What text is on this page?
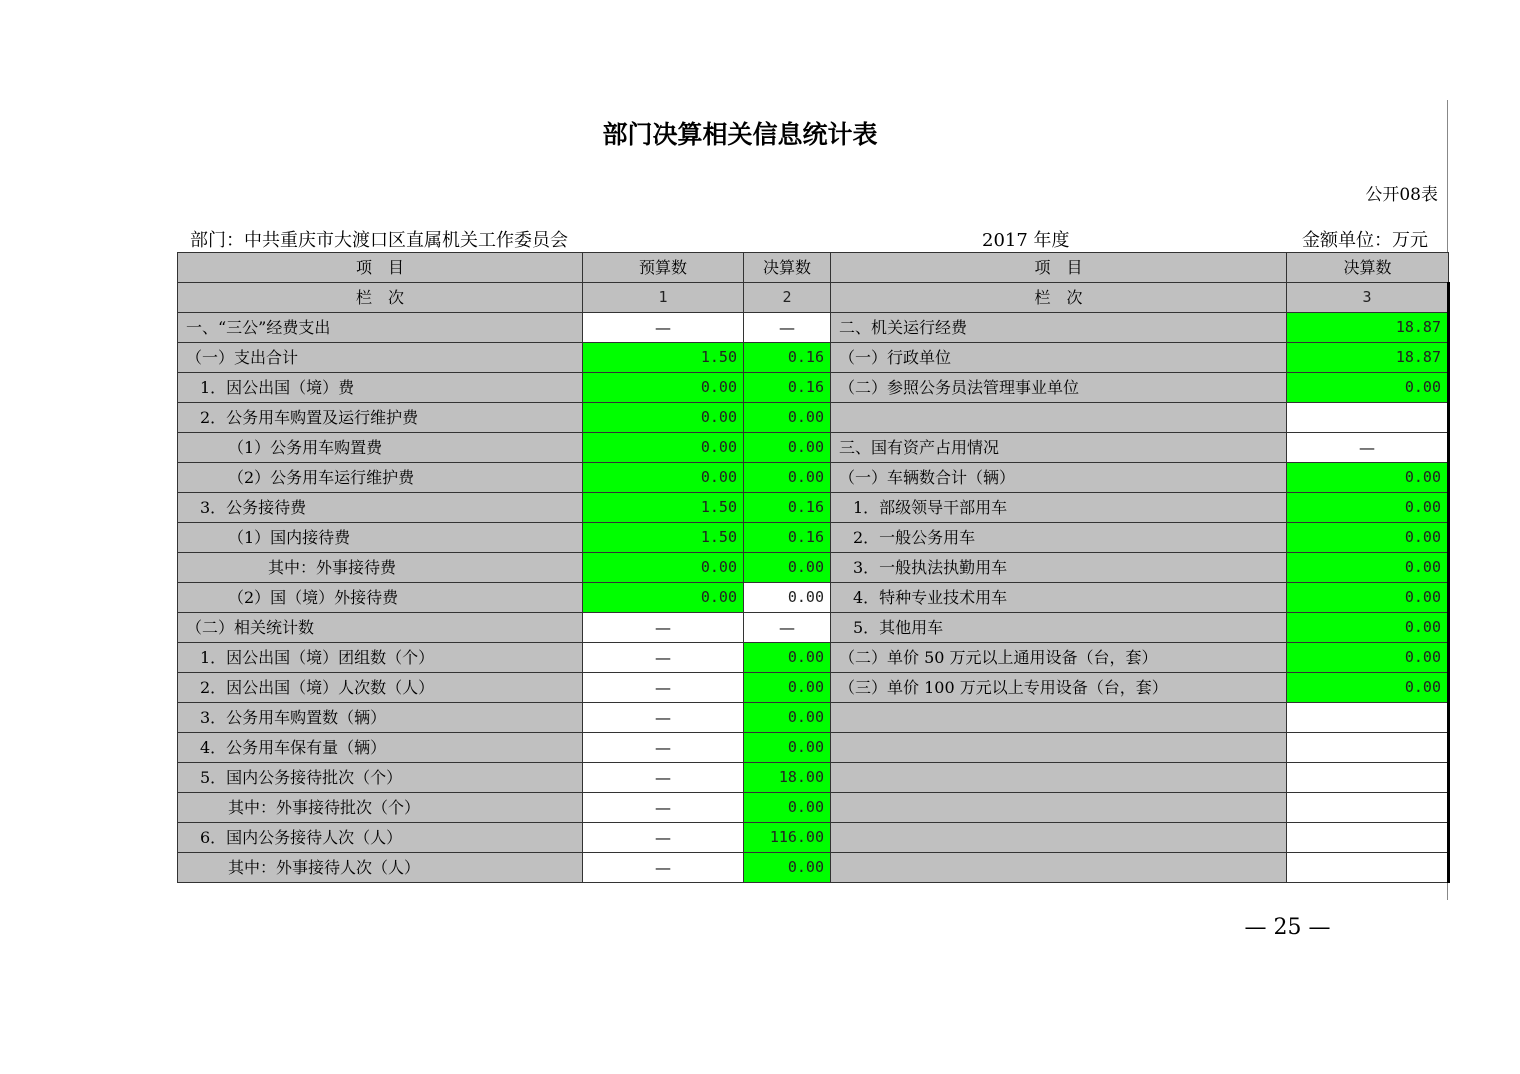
部门决算相关信息统计表
公开08表
部门：中共重庆市大渡口区直属机关工作委员会	2017 年度	金额单位：万元
项　目	预算数	决算数	项　目	决算数
栏　次	1	2	栏　次	3
一、“三公”经费支出	—	—	二、机关运行经费	18.87
（一）支出合计	1.50	0.16	（一）行政单位	18.87
1．因公出国（境）费	0.00	0.16	（二）参照公务员法管理事业单位	0.00
2．公务用车购置及运行维护费	0.00	0.00		
（1）公务用车购置费	0.00	0.00	三、国有资产占用情况	—
（2）公务用车运行维护费	0.00	0.00	（一）车辆数合计（辆）	0.00
3．公务接待费	1.50	0.16	1．部级领导干部用车	0.00
（1）国内接待费	1.50	0.16	2．一般公务用车	0.00
其中：外事接待费	0.00	0.00	3．一般执法执勤用车	0.00
（2）国（境）外接待费	0.00	0.00	4．特种专业技术用车	0.00
（二）相关统计数	—	—	5．其他用车	0.00
1．因公出国（境）团组数（个）	—	0.00	（二）单价 50 万元以上通用设备（台，套）	0.00
2．因公出国（境）人次数（人）	—	0.00	（三）单价 100 万元以上专用设备（台，套）	0.00
3．公务用车购置数（辆）	—	0.00		
4．公务用车保有量（辆）	—	0.00		
5．国内公务接待批次（个）	—	18.00		
其中：外事接待批次（个）	—	0.00		
6．国内公务接待人次（人）	—	116.00		
其中：外事接待人次（人）	—	0.00		
— 25 —
